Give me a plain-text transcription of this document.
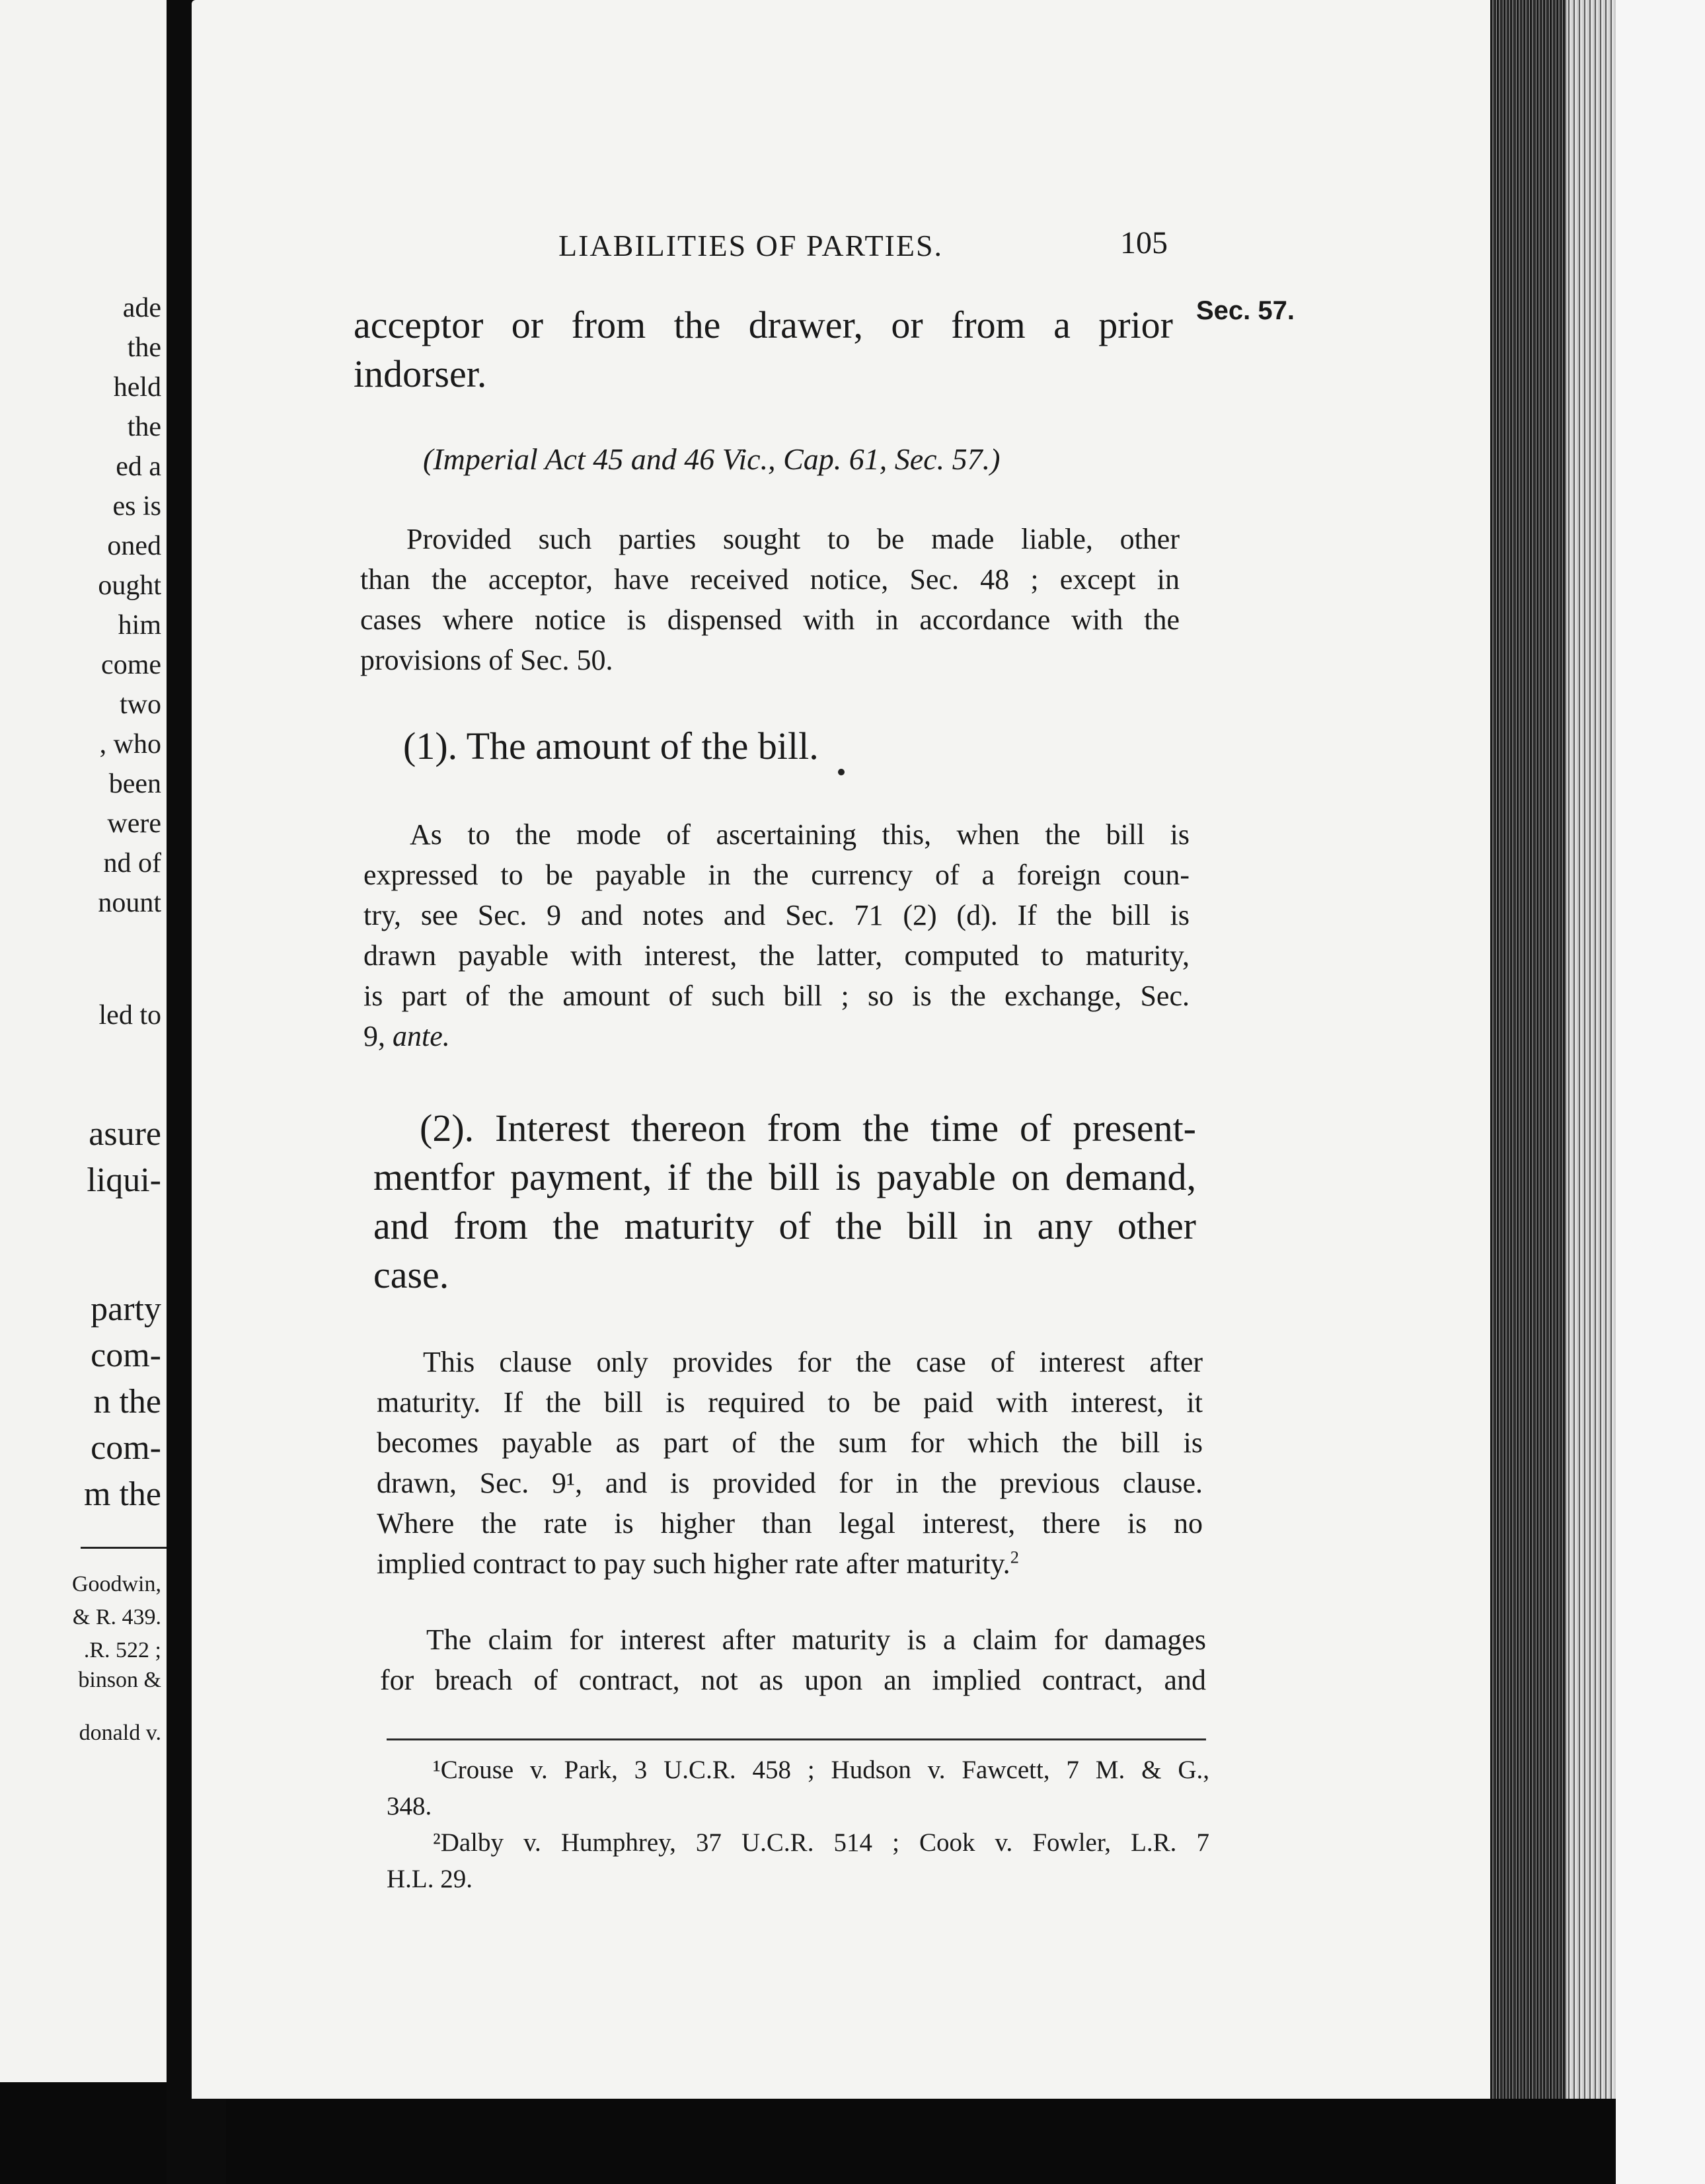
ade

the

held

the

ed a

es is

oned

ought

him

come

two

, who

been

were

nd of

nount

led to

asure

liqui-

party

com-

n the

com-

m the

Goodwin,

& R. 439.

.R. 522 ;

binson &

donald v.

LIABILITIES OF PARTIES.	105

Sec. 57.

acceptor or from the drawer, or from a prior
indorser.

(Imperial Act 45 and 46 Vic., Cap. 61, Sec. 57.)

Provided such parties sought to be made liable, other
than the acceptor, have received notice, Sec. 48 ; except in
cases where notice is dispensed with in accordance with the
provisions of Sec. 50.

(1). The amount of the bill.

As to the mode of ascertaining this, when the bill is
expressed to be payable in the currency of a foreign coun-
try, see Sec. 9 and notes and Sec. 71 (2) (d). If the bill is
drawn payable with interest, the latter, computed to maturity,
is part of the amount of such bill ; so is the exchange, Sec.
9, ante.
(2). Interest thereon from the time of present-
mentfor payment, if the bill is payable on demand,
and from the maturity of the bill in any other
case.
This clause only provides for the case of interest after
maturity. If the bill is required to be paid with interest, it
becomes payable as part of the sum for which the bill is
drawn, Sec. 9¹, and is provided for in the previous clause.
Where the rate is higher than legal interest, there is no
implied contract to pay such higher rate after maturity.$^2$
The claim for interest after maturity is a claim for damages
for breach of contract, not as upon an implied contract, and
¹Crouse v. Park, 3 U.C.R. 458 ; Hudson v. Fawcett, 7 M. & G.,
348.
²Dalby v. Humphrey, 37 U.C.R. 514 ; Cook v. Fowler, L.R. 7
H.L. 29.
